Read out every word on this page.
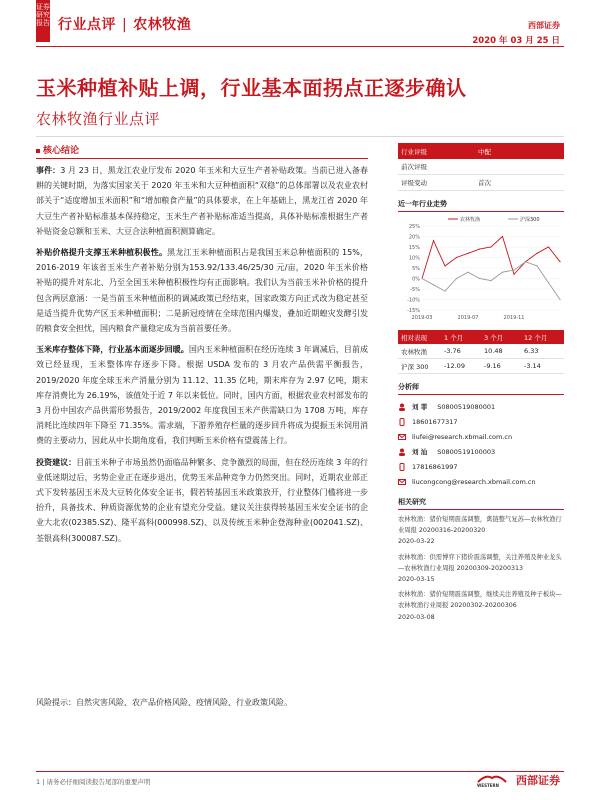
证券研究报告 行业点评 | 农林牧渔	西部证券
2020 年 03 月 25 日
玉米种植补贴上调，行业基本面拐点正逐步确认
农林牧渔行业点评
核心结论

事件：3 月 23 日，黑龙江农业厅发布 2020 年玉米和大豆生产者补贴政策。当前已进入备春耕的关键时期，为落实国家关于 2020 年玉米和大豆种植面积“双稳”的总体部署以及农业农村部关于“适度增加玉米面积”和“增加粮食产量”的具体要求，在上年基础上，黑龙江省 2020 年大豆生产者补贴标准基本保持稳定，玉米生产者补贴标准适当提高，具体补贴标准根据生产者补贴资金总额和玉米、大豆合法种植面积测算确定。

补贴价格提升支撑玉米种植积极性。黑龙江玉米种植面积占是我国玉米总种植面积的 15%，2016-2019 年该省玉米生产者补贴分别为153.92/133.46/25/30 元/亩，2020 年玉米价格补贴的提升对东北、乃至全国玉米种植积极性均有正面影响。我们认为当前玉米补价格的提升包含两层意涵：一是当前玉米种植面积的调减政策已经结束，国家政策方向正式改为稳定甚至是适当提升优势产区玉米种植面积；二是新冠疫情在全球范围内爆发，叠加近期蝗灾发酵引发的粮食安全担忧，国内粮食产量稳定成为当前首要任务。

玉米库存整体下降，行业基本面逐步回暖。国内玉米种植面积在经历连续 3 年调减后，目前成效已经显现，玉米整体库存逐步下降。根据 USDA 发布的 3 月农产品供需平衡报告，2019/2020 年度全球玉米产消量分别为 11.12、11.35 亿吨，期末库存为 2.97 亿吨，期末库存消费比为 26.19%，该值处于近 7 年以来低位。同时，国内方面，根据农业农村部发布的 3 月份中国农产品供需形势报告，2019/2002 年度我国玉米产供需缺口为 1708 万吨，库存消耗比连续四年下降至 71.35%。需求端，下游养殖存栏量的逐步回升将成为提振玉米饲用消费的主要动力，因此从中长期角度看，我们判断玉米价格有望震荡上行。

投资建议：目前玉米种子市场虽然仍面临品种繁多、竞争激烈的局面，但在经历连续 3 年的行业低迷期过后，劣势企业正在逐步退出，优势玉米品种竞争力仍然突出。同时，近期农业部正式下发转基因玉米及大豆转化体安全证书，假若转基因玉米政策放开，行业整体门槛将进一步抬升，具备技术、种质资源优势的企业有望充分受益。建议关注获得转基因玉米安全证书的企业大北农(02385.SZ)、隆平高科(000998.SZ)、以及传统玉米种企登海种业(002041.SZ)、荃银高科(300087.SZ)。

风险提示：自然灾害风险、农产品价格风险、疫情风险、行业政策风险。
行业评级	中配
前次评级
评级变动	首次
近一年行业走势
25%
20%
15%
10%
5%
0%
-5%
-10%
-15%
2019-03	2019-07	2019-11
农林牧渔	沪深300
相对表现	1 个月	3 个月	12 个月
农林牧渔	-3.76	10.48	6.33
沪深 300	-12.09	-9.16	-3.14
分析师
刘 菲 S0800519080001
18601677317
liufei@research.xbmail.com.cn
刘 汕 S0800519100003
17816861997
liucongcong@research.xbmail.com.cn
相关研究
农林牧渔：猪价短期震荡调整，禽链整气复苏—农林牧渔行业周报 20200316-20200320
2020-03-22
农林牧渔：供需博弈下猪价震荡调整，关注养殖及种业龙头—农林牧渔行业周报 20200309-20200313
2020-03-15
农林牧渔：猪价短期震荡调整，继续关注养殖及种子板块—农林牧渔行业周报 20200302-20200306
2020-03-08
1 | 请务必仔细阅读报告尾部的重要声明	WESTERN 西部证券
